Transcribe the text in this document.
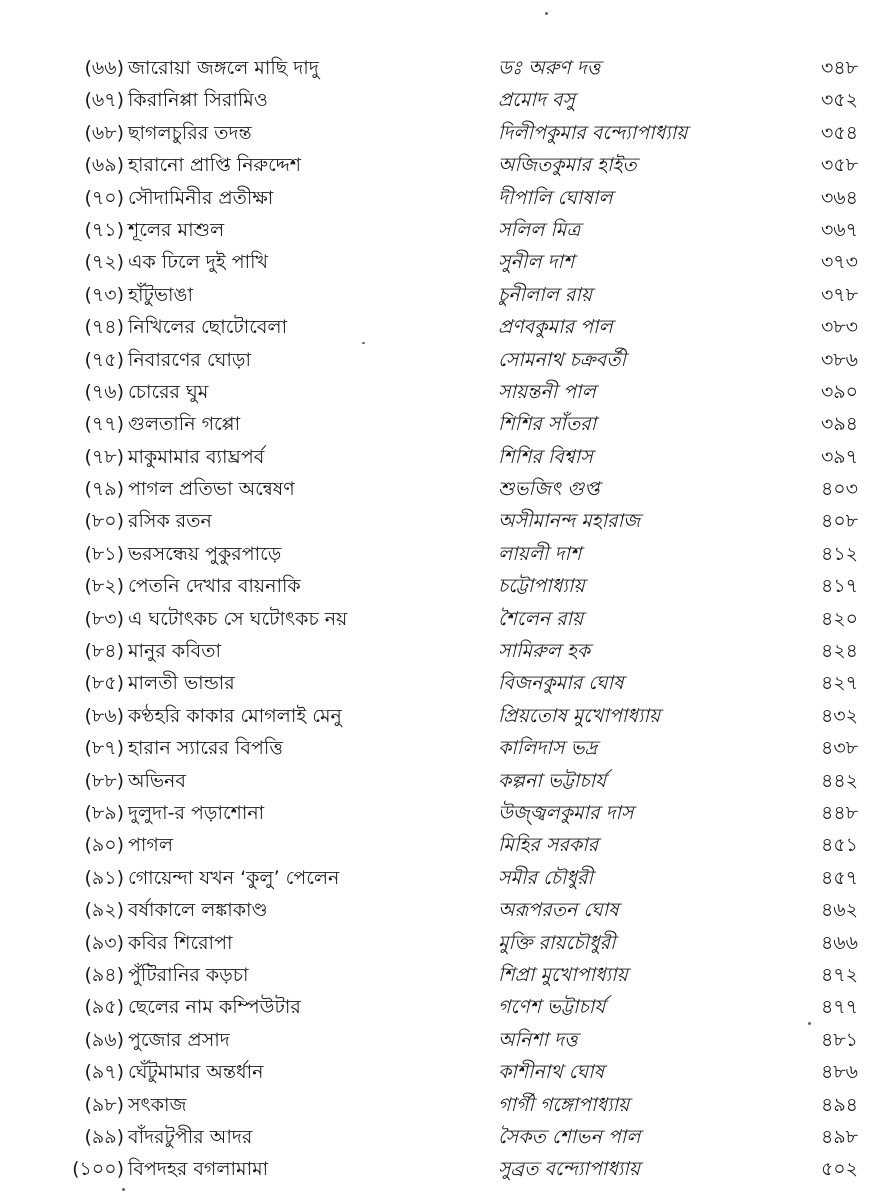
(৬৬) জারোয়া জঙ্গলে মাছি দাদু	ডঃ অরুণ দত্ত	৩৪৮
(৬৭) কিরানিপ্পা সিরামিও	প্রমোদ বসু	৩৫২
(৬৮) ছাগলচুরির তদন্ত	দিলীপকুমার বন্দ্যোপাধ্যায়	৩৫৪
(৬৯) হারানো প্রাপ্তি নিরুদ্দেশ	অজিতকুমার হাইত	৩৫৮
(৭০) সৌদামিনীর প্রতীক্ষা	দীপালি ঘোষাল	৩৬৪
(৭১) শূলের মাশুল	সলিল মিত্র	৩৬৭
(৭২) এক ঢিলে দুই পাখি	সুনীল দাশ	৩৭৩
(৭৩) হাঁটুভাঙা	চুনীলাল রায়	৩৭৮
(৭৪) নিখিলের ছোটোবেলা	প্রণবকুমার পাল	৩৮৩
(৭৫) নিবারণের ঘোড়া	সোমনাথ চক্রবর্তী	৩৮৬
(৭৬) চোরের ঘুম	সায়ন্তনী পাল	৩৯০
(৭৭) গুলতানি গপ্পো	শিশির সাঁতরা	৩৯৪
(৭৮) মাকুমামার ব্যাঘ্রপর্ব	শিশির বিশ্বাস	৩৯৭
(৭৯) পাগল প্রতিভা অন্বেষণ	শুভজিৎ গুপ্ত	৪০৩
(৮০) রসিক রতন	অসীমানন্দ মহারাজ	৪০৮
(৮১) ভরসন্ধেয় পুকুরপাড়ে	লায়লী দাশ	৪১২
(৮২) পেতনি দেখার বায়নাকি	চট্টোপাধ্যায়	৪১৭
(৮৩) এ ঘটোৎকচ সে ঘটোৎকচ নয়	শৈলেন রায়	৪২০
(৮৪) মানুর কবিতা	সামিরুল হক	৪২৪
(৮৫) মালতী ভান্ডার	বিজনকুমার ঘোষ	৪২৭
(৮৬) কণ্ঠহরি কাকার মোগলাই মেনু	প্রিয়তোষ মুখোপাধ্যায়	৪৩২
(৮৭) হারান স্যারের বিপত্তি	কালিদাস ভদ্র	৪৩৮
(৮৮) অভিনব	কল্পনা ভট্টাচার্য	৪৪২
(৮৯) দুলুদা-র পড়াশোনা	উজ্জ্বলকুমার দাস	৪৪৮
(৯০) পাগল	মিহির সরকার	৪৫১
(৯১) গোয়েন্দা যখন ‘কুলু’ পেলেন	সমীর চৌধুরী	৪৫৭
(৯২) বর্ষাকালে লঙ্কাকাণ্ড	অরূপরতন ঘোষ	৪৬২
(৯৩) কবির শিরোপা	মুক্তি রায়চৌধুরী	৪৬৬
(৯৪) পুঁটিরানির কড়চা	শিপ্রা মুখোপাধ্যায়	৪৭২
(৯৫) ছেলের নাম কম্পিউটার	গণেশ ভট্টাচার্য	৪৭৭
(৯৬) পুজোর প্রসাদ	অনিশা দত্ত	৪৮১
(৯৭) ঘেঁটুমামার অন্তর্ধান	কাশীনাথ ঘোষ	৪৮৬
(৯৮) সৎকাজ	গার্গী গঙ্গোপাধ্যায়	৪৯৪
(৯৯) বাঁদরটুপীর আদর	সৈকত শোভন পাল	৪৯৮
(১০০) বিপদহর বগলামামা	সুব্রত বন্দ্যোপাধ্যায়	৫০২
